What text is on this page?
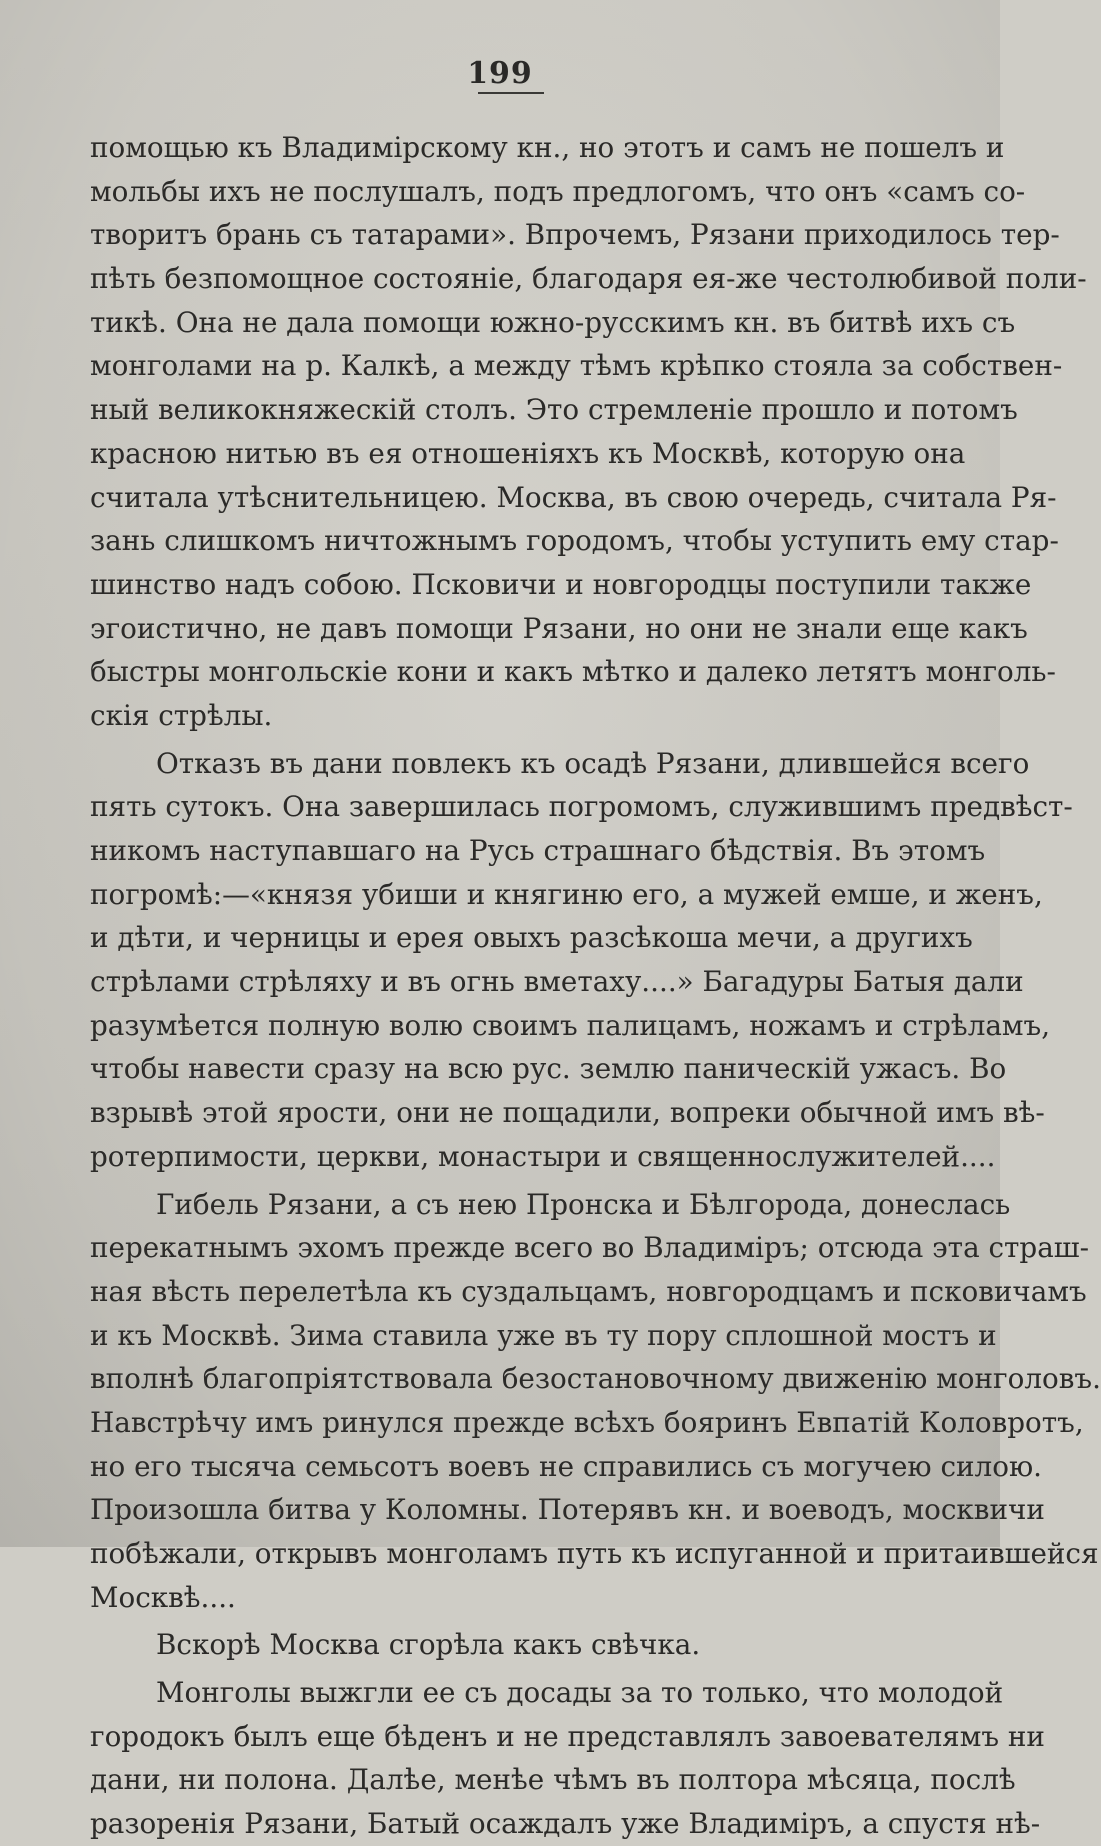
199
помощью къ Владимірскому кн., но этотъ и самъ не пошелъ и
мольбы ихъ не послушалъ, подъ предлогомъ, что онъ «самъ со-
творитъ брань съ татарами». Впрочемъ, Рязани приходилось тер-
пѣть безпомощное состояніе, благодаря ея-же честолюбивой поли-
тикѣ. Она не дала помощи южно-русскимъ кн. въ битвѣ ихъ съ
монголами на р. Калкѣ, а между тѣмъ крѣпко стояла за собствен-
ный великокняжескій столъ. Это стремленіе прошло и потомъ
красною нитью въ ея отношеніяхъ къ Москвѣ, которую она
считала утѣснительницею. Москва, въ свою очередь, считала Ря-
зань слишкомъ ничтожнымъ городомъ, чтобы уступить ему стар-
шинство надъ собою. Псковичи и новгородцы поступили также
эгоистично, не давъ помощи Рязани, но они не знали еще какъ
быстры монгольскіе кони и какъ мѣтко и далеко летятъ монголь-
скія стрѣлы.
Отказъ въ дани повлекъ къ осадѣ Рязани, длившейся всего
пять сутокъ. Она завершилась погромомъ, служившимъ предвѣст-
никомъ наступавшаго на Русь страшнаго бѣдствія. Въ этомъ
погромѣ:—«князя убиши и княгиню его, а мужей емше, и женъ,
и дѣти, и черницы и ерея овыхъ разсѣкоша мечи, а другихъ
стрѣлами стрѣляху и въ огнь вметаху....» Багадуры Батыя дали
разумѣется полную волю своимъ палицамъ, ножамъ и стрѣламъ,
чтобы навести сразу на всю рус. землю паническій ужасъ. Во
взрывѣ этой ярости, они не пощадили, вопреки обычной имъ вѣ-
ротерпимости, церкви, монастыри и священнослужителей....
Гибель Рязани, а съ нею Пронска и Бѣлгорода, донеслась
перекатнымъ эхомъ прежде всего во Владиміръ; отсюда эта страш-
ная вѣсть перелетѣла къ суздальцамъ, новгородцамъ и псковичамъ
и къ Москвѣ. Зима ставила уже въ ту пору сплошной мостъ и
вполнѣ благопріятствовала безостановочному движенію монголовъ.
Навстрѣчу имъ ринулся прежде всѣхъ бояринъ Евпатій Коловротъ,
но его тысяча семьсотъ воевъ не справились съ могучею силою.
Произошла битва у Коломны. Потерявъ кн. и воеводъ, москвичи
побѣжали, открывъ монголамъ путь къ испуганной и притаившейся
Москвѣ....
Вскорѣ Москва сгорѣла какъ свѣчка.
Монголы выжгли ее съ досады за то только, что молодой
городокъ былъ еще бѣденъ и не представлялъ завоевателямъ ни
дани, ни полона. Далѣе, менѣе чѣмъ въ полтора мѣсяца, послѣ
разоренія Рязани, Батый осаждалъ уже Владиміръ, а спустя нѣ-
